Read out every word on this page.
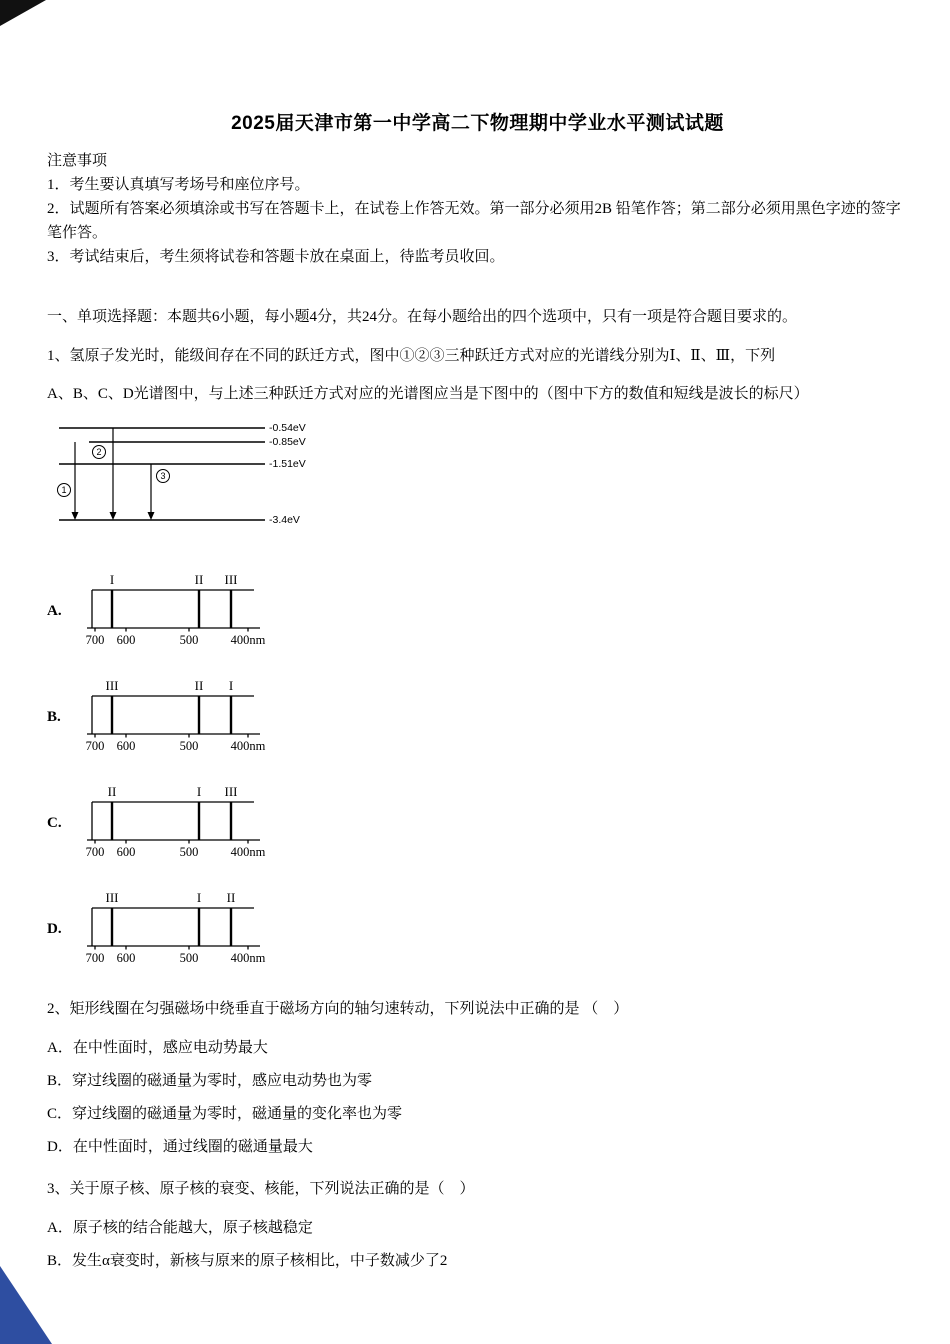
2025届天津市第一中学高二下物理期中学业水平测试试题

注意事项

1．考生要认真填写考场号和座位序号。

2．试题所有答案必须填涂或书写在答题卡上，在试卷上作答无效。第一部分必须用2B 铅笔作答；第二部分必须用黑色字迹的签字笔作答。

3．考试结束后，考生须将试卷和答题卡放在桌面上，待监考员收回。

一、单项选择题：本题共6小题，每小题4分，共24分。在每小题给出的四个选项中，只有一项是符合题目要求的。

1、氢原子发光时，能级间存在不同的跃迁方式，图中①②③三种跃迁方式对应的光谱线分别为Ⅰ、Ⅱ、Ⅲ，下列

A、B、C、D光谱图中，与上述三种跃迁方式对应的光谱图应当是下图中的（图中下方的数值和短线是波长的标尺）

-0.54eV
-0.85eV
-1.51eV
-3.4eV
1
2
3
A.
I	II III
700 600	500	400nm
B.
III	II I
700 600	500	400nm
C.
II	I III
700 600	500	400nm
D.
III	I II
700 600	500	400nm

2、矩形线圈在匀强磁场中绕垂直于磁场方向的轴匀速转动，下列说法中正确的是 （　）

A．在中性面时，感应电动势最大

B．穿过线圈的磁通量为零时，感应电动势也为零

C．穿过线圈的磁通量为零时，磁通量的变化率也为零

D．在中性面时，通过线圈的磁通量最大

3、关于原子核、原子核的衰变、核能，下列说法正确的是（　）

A．原子核的结合能越大，原子核越稳定

B．发生α衰变时，新核与原来的原子核相比，中子数减少了2
